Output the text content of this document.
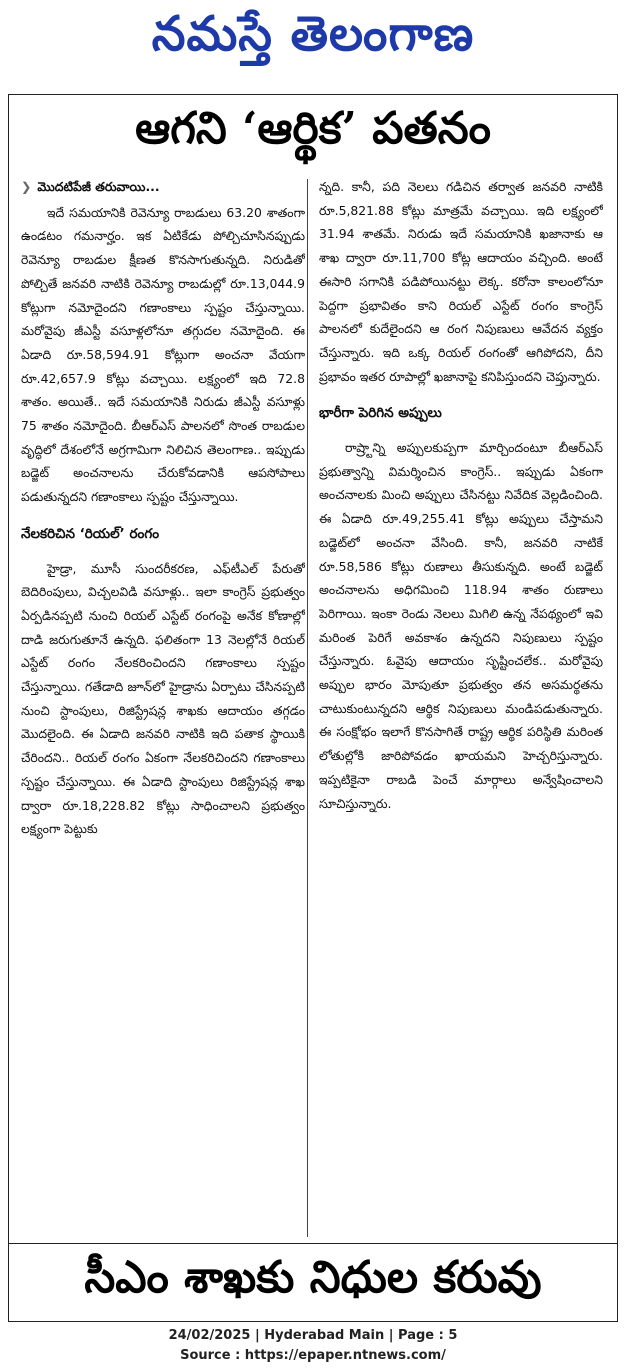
నమస్తే తెలంగాణ
ఆగని ‘ఆర్థిక’ పతనం
❯ మొదటిపేజీ తరువాయి...

ఇదే సమయానికి రెవెన్యూ రాబడులు 63.20 శాతంగా ఉండటం గమనార్హం. ఇక ఏటికేడు పోల్చిచూసినప్పుడు రెవెన్యూ రాబడుల క్షీణత కొనసాగుతున్నది. నిరుడితో పోల్చితే జనవరి నాటికి రెవెన్యూ రాబడుల్లో రూ.13,044.9 కోట్లుగా నమోదైందని గణాంకాలు స్పష్టం చేస్తున్నాయి. మరోవైపు జీఎస్టీ వసూళ్లలోనూ తగ్గుదల నమోదైంది. ఈ ఏడాది రూ.58,594.91 కోట్లుగా అంచనా వేయగా రూ.42,657.9 కోట్లు వచ్చాయి. లక్ష్యంలో ఇది 72.8 శాతం. అయితే.. ఇదే సమయానికి నిరుడు జీఎస్టీ వసూళ్లు 75 శాతం నమోదైంది. బీఆర్ఎస్ పాలనలో సొంత రాబడుల వృద్ధిలో దేశంలోనే అగ్రగామిగా నిలిచిన తెలంగాణ.. ఇప్పుడు బడ్జెట్ అంచనాలను చేరుకోవడానికి ఆపసోపాలు పడుతున్నదని గణాంకాలు స్పష్టం చేస్తున్నాయి.

నేలకరిచిన ‘రియల్’ రంగం

హైడ్రా, మూసీ సుందరీకరణ, ఎఫ్‌టీఎల్ పేరుతో బెదిరింపులు, విచ్చలవిడి వసూళ్లు.. ఇలా కాంగ్రెస్ ప్రభుత్వం ఏర్పడినప్పటి నుంచి రియల్ ఎస్టేట్ రంగంపై అనేక కోణాల్లో దాడి జరుగుతూనే ఉన్నది. ఫలితంగా 13 నెలల్లోనే రియల్ ఎస్టేట్ రంగం నేలకరించిందని గణాంకాలు స్పష్టం చేస్తున్నాయి. గతేడాది జూన్‌లో హైడ్రాను ఏర్పాటు చేసినప్పటి నుంచి స్టాంపులు, రిజిస్ట్రేషన్ల శాఖకు ఆదాయం తగ్గడం మొదలైంది. ఈ ఏడాది జనవరి నాటికి ఇది పతాక స్థాయికి చేరిందని.. రియల్ రంగం ఏకంగా నేలకరిచిందని గణాంకాలు స్పష్టం చేస్తున్నాయి. ఈ ఏడాది స్టాంపులు రిజిస్ట్రేషన్ల శాఖ ద్వారా రూ.18,228.82 కోట్లు సాధించాలని ప్రభుత్వం లక్ష్యంగా పెట్టుకు

న్నది. కానీ, పది నెలలు గడిచిన తర్వాత జనవరి నాటికి రూ.5,821.88 కోట్లు మాత్రమే వచ్చాయి. ఇది లక్ష్యంలో 31.94 శాతమే. నిరుడు ఇదే సమయానికి ఖజానాకు ఆ శాఖ ద్వారా రూ.11,700 కోట్ల ఆదాయం వచ్చింది. అంటే ఈసారి సగానికి పడిపోయినట్టు లెక్క. కరోనా కాలంలోనూ పెద్దగా ప్రభావితం కాని రియల్ ఎస్టేట్ రంగం కాంగ్రెస్ పాలనలో కుదేలైందని ఆ రంగ నిపుణులు ఆవేదన వ్యక్తం చేస్తున్నారు. ఇది ఒక్క రియల్ రంగంతో ఆగిపోదని, దీని ప్రభావం ఇతర రూపాల్లో ఖజానాపై కనిపిస్తుందని చెప్తున్నారు.

భారీగా పెరిగిన అప్పులు

రాష్ర్టాన్ని అప్పులకుప్పగా మార్చిందంటూ బీఆర్ఎస్ ప్రభుత్వాన్ని విమర్శించిన కాంగ్రెస్.. ఇప్పుడు ఏకంగా అంచనాలకు మించి అప్పులు చేసినట్టు నివేదిక వెల్లడించింది. ఈ ఏడాది రూ.49,255.41 కోట్లు అప్పులు చేస్తామని బడ్జెట్‌లో అంచనా వేసింది. కానీ, జనవరి నాటికే రూ.58,586 కోట్లు రుణాలు తీసుకున్నది. అంటే బడ్జెట్ అంచనాలను అధిగమించి 118.94 శాతం రుణాలు పెరిగాయి. ఇంకా రెండు నెలలు మిగిలి ఉన్న నేపథ్యంలో ఇవి మరింత పెరిగే అవకాశం ఉన్నదని నిపుణులు స్పష్టం చేస్తున్నారు. ఓవైపు ఆదాయం సృష్టించలేక.. మరోవైపు అప్పుల భారం మోపుతూ ప్రభుత్వం తన అసమర్థతను చాటుకుంటున్నదని ఆర్థిక నిపుణులు మండిపడుతున్నారు. ఈ సంక్షోభం ఇలాగే కొనసాగితే రాష్ట్ర ఆర్థిక పరిస్థితి మరింత లోతుల్లోకి జారిపోవడం ఖాయమని హెచ్చరిస్తున్నారు. ఇప్పటికైనా రాబడి పెంచే మార్గాలు అన్వేషించాలని సూచిస్తున్నారు.

సీఎం శాఖకు నిధుల కరువు
24/02/2025 | Hyderabad Main | Page : 5
Source : https://epaper.ntnews.com/
